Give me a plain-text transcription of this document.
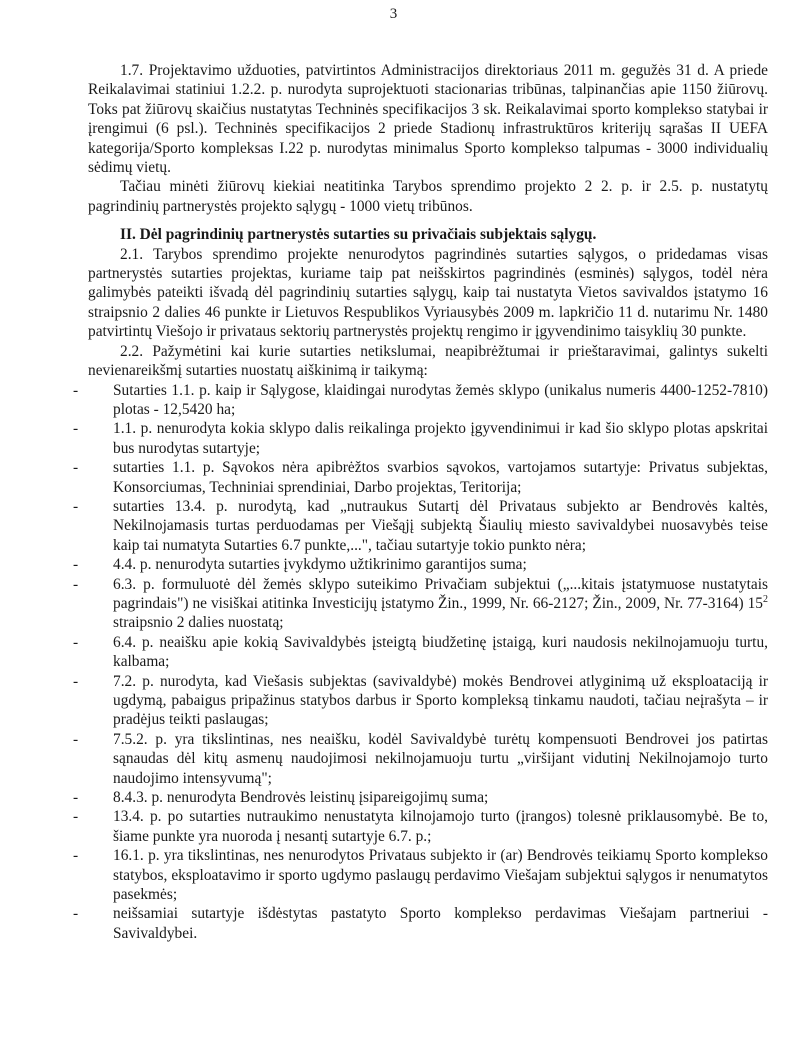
3

1.7. Projektavimo užduoties, patvirtintos Administracijos direktoriaus 2011 m. gegužės 31 d. A priede Reikalavimai statiniui 1.2.2. p. nurodyta suprojektuoti stacionarias tribūnas, talpinančias apie 1150 žiūrovų. Toks pat žiūrovų skaičius nustatytas Techninės specifikacijos 3 sk. Reikalavimai sporto komplekso statybai ir įrengimui (6 psl.). Techninės specifikacijos 2 priede Stadionų infrastruktūros kriterijų sąrašas II UEFA kategorija/Sporto kompleksas I.22 p. nurodytas minimalus Sporto komplekso talpumas - 3000 individualių sėdimų vietų.

Tačiau minėti žiūrovų kiekiai neatitinka Tarybos sprendimo projekto 2 2. p. ir 2.5. p. nustatytų pagrindinių partnerystės projekto sąlygų - 1000 vietų tribūnos.

II. Dėl pagrindinių partnerystės sutarties su privačiais subjektais sąlygų.

2.1. Tarybos sprendimo projekte nenurodytos pagrindinės sutarties sąlygos, o pridedamas visas partnerystės sutarties projektas, kuriame taip pat neišskirtos pagrindinės (esminės) sąlygos, todėl nėra galimybės pateikti išvadą dėl pagrindinių sutarties sąlygų, kaip tai nustatyta Vietos savivaldos įstatymo 16 straipsnio 2 dalies 46 punkte ir Lietuvos Respublikos Vyriausybės 2009 m. lapkričio 11 d. nutarimu Nr. 1480 patvirtintų Viešojo ir privataus sektorių partnerystės projektų rengimo ir įgyvendinimo taisyklių 30 punkte.

2.2. Pažymėtini kai kurie sutarties netikslumai, neapibrėžtumai ir prieštaravimai, galintys sukelti nevienareikšmį sutarties nuostatų aiškinimą ir taikymą:

- Sutarties 1.1. p. kaip ir Sąlygose, klaidingai nurodytas žemės sklypo (unikalus numeris 4400-1252-7810) plotas - 12,5420 ha;
- 1.1. p. nenurodyta kokia sklypo dalis reikalinga projekto įgyvendinimui ir kad šio sklypo plotas apskritai bus nurodytas sutartyje;
- sutarties 1.1. p. Sąvokos nėra apibrėžtos svarbios sąvokos, vartojamos sutartyje: Privatus subjektas, Konsorciumas, Techniniai sprendiniai, Darbo projektas, Teritorija;
- sutarties 13.4. p. nurodytą, kad „nutraukus Sutartį dėl Privataus subjekto ar Bendrovės kaltės, Nekilnojamasis turtas perduodamas per Viešąjį subjektą Šiaulių miesto savivaldybei nuosavybės teise kaip tai numatyta Sutarties 6.7 punkte,...", tačiau sutartyje tokio punkto nėra;
- 4.4. p. nenurodyta sutarties įvykdymo užtikrinimo garantijos suma;
- 6.3. p. formuluotė dėl žemės sklypo suteikimo Privačiam subjektui („...kitais įstatymuose nustatytais pagrindais") ne visiškai atitinka Investicijų įstatymo Žin., 1999, Nr. 66-2127; Žin., 2009, Nr. 77-3164) $15^2$ straipsnio 2 dalies nuostatą;
- 6.4. p. neaišku apie kokią Savivaldybės įsteigtą biudžetinę įstaigą, kuri naudosis nekilnojamuoju turtu, kalbama;
- 7.2. p. nurodyta, kad Viešasis subjektas (savivaldybė) mokės Bendrovei atlyginimą už eksploataciją ir ugdymą, pabaigus pripažinus statybos darbus ir Sporto kompleksą tinkamu naudoti, tačiau neįrašyta – ir pradėjus teikti paslaugas;
- 7.5.2. p. yra tikslintinas, nes neaišku, kodėl Savivaldybė turėtų kompensuoti Bendrovei jos patirtas sąnaudas dėl kitų asmenų naudojimosi nekilnojamuoju turtu „viršijant vidutinį Nekilnojamojo turto naudojimo intensyvumą";
- 8.4.3. p. nenurodyta Bendrovės leistinų įsipareigojimų suma;
- 13.4. p. po sutarties nutraukimo nenustatyta kilnojamojo turto (įrangos) tolesnė priklausomybė. Be to, šiame punkte yra nuoroda į nesantį sutartyje 6.7. p.;
- 16.1. p. yra tikslintinas, nes nenurodytos Privataus subjekto ir (ar) Bendrovės teikiamų Sporto komplekso statybos, eksploatavimo ir sporto ugdymo paslaugų perdavimo Viešajam subjektui sąlygos ir nenumatytos pasekmės;
- neišsamiai sutartyje išdėstytas pastatyto Sporto komplekso perdavimas Viešajam partneriui - Savivaldybei.
